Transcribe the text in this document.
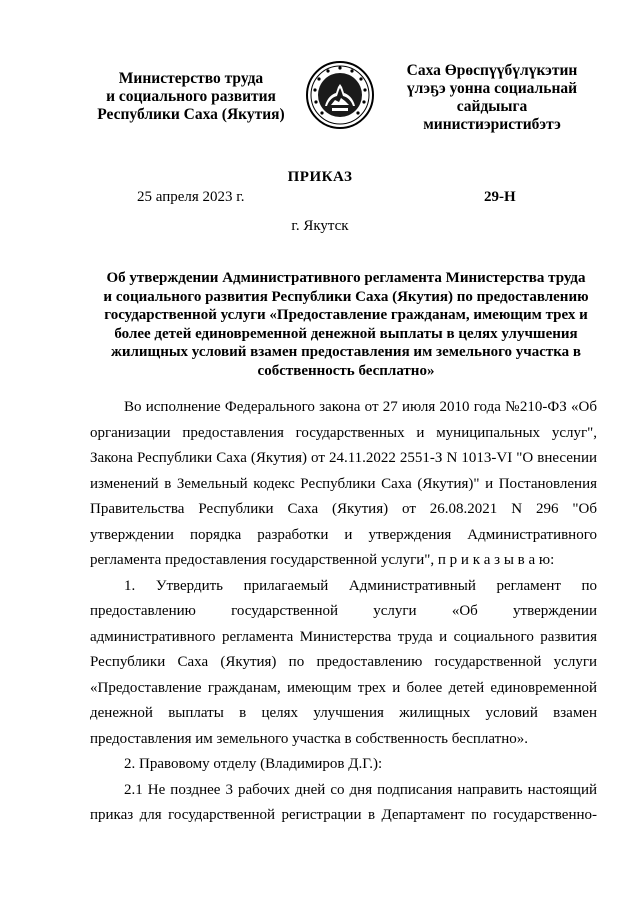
Министерство труда
и социального развития
Республики Саха (Якутия)
Саха Өрөспүүбүлүкэтин
үлэҕэ уонна социальнай
сайдыыга
министиэристибэтэ
ПРИКАЗ
25 апреля 2023 г.	29-Н
г. Якутск
Об утверждении Административного регламента Министерства труда
и социального развития Республики Саха (Якутия) по предоставлению
государственной услуги «Предоставление гражданам, имеющим трех и
более детей единовременной денежной выплаты в целях улучшения
жилищных условий взамен предоставления им земельного участка в
собственность бесплатно»
Во исполнение Федерального закона от 27 июля 2010 года №210-ФЗ «Об
организации предоставления государственных и муниципальных услуг",
Закона Республики Саха (Якутия) от 24.11.2022 2551-З N 1013-VI "О внесении
изменений в Земельный кодекс Республики Саха (Якутия)" и Постановления
Правительства Республики Саха (Якутия) от 26.08.2021 N 296 "Об
утверждении порядка разработки и утверждения Административного
регламента предоставления государственной услуги", п р и к а з ы в а ю:
1. Утвердить прилагаемый Административный регламент по
предоставлению государственной услуги «Об утверждении
административного регламента Министерства труда и социального развития
Республики Саха (Якутия) по предоставлению государственной услуги
«Предоставление гражданам, имеющим трех и более детей единовременной
денежной выплаты в целях улучшения жилищных условий взамен
предоставления им земельного участка в собственность бесплатно».
2. Правовому отделу (Владимиров Д.Г.):
2.1 Не позднее 3 рабочих дней со дня подписания направить настоящий
приказ для государственной регистрации в Департамент по государственно-
